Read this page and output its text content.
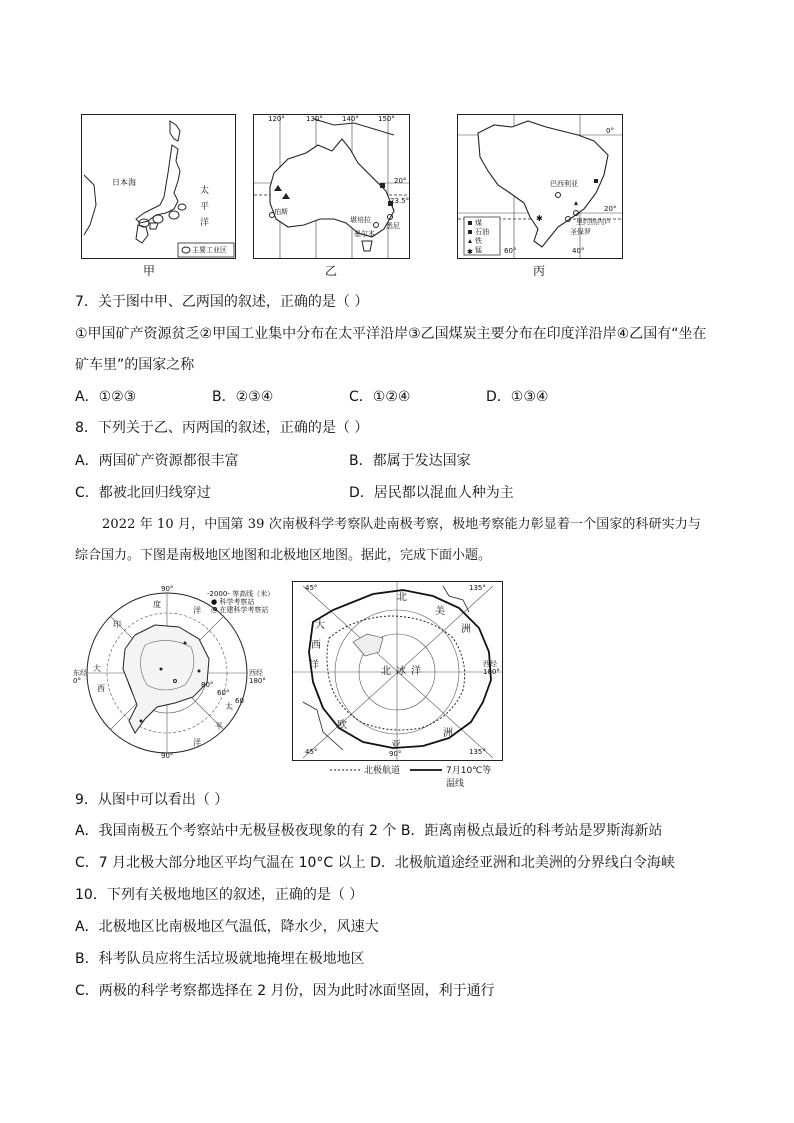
日本海
太
平
洋
主要工业区
甲
120°	130°	140°	150°
20°
23.5°
珀斯
堪培拉
墨尔本
悉尼
乙
✱
✱
0°
20°
60°	40°
巴西利亚
里约热内卢
圣保罗
煤
石油
铁
锰
丙
7．关于图中甲、乙两国的叙述，正确的是（ ）
①甲国矿产资源贫乏②甲国工业集中分布在太平洋沿岸③乙国煤炭主要分布在印度洋沿岸④乙国有“坐在
矿车里”的国家之称
A．①②③	B．②③④	C．①②④	D．①③④
8．下列关于乙、丙两国的叙述，正确的是（ ）
A．两国矿产资源都很丰富	B．都属于发达国家
C．都被北回归线穿过	D．居民都以混血人种为主
2022 年 10 月，中国第 39 次南极科学考察队赴南极考察，极地考察能力彰显着一个国家的科研实力与
综合国力。下图是南极地区地图和北极地区地图。据此，完成下面小题。
-2000- 等高线（米）
● 科学考察站
○ 在建科学考察站
度
洋
印
大
西
太
平
洋
东经 0°
西经 180°
90°
90°
60
80°
60°
45°	135°
45°	135°
90°
西经 180°
北 冰 洋
大
西
洋
北
美
洲
亚
洲
欧
北极航道	7月10℃等温线
9．从图中可以看出（ ）
A．我国南极五个考察站中无极昼极夜现象的有 2 个 B．距离南极点最近的科考站是罗斯海新站
C．7 月北极大部分地区平均气温在 10°C 以上 D．北极航道途经亚洲和北美洲的分界线白令海峡
10．下列有关极地地区的叙述，正确的是（ ）
A．北极地区比南极地区气温低，降水少，风速大
B．科考队员应将生活垃圾就地掩埋在极地地区
C．两极的科学考察都选择在 2 月份，因为此时冰面坚固，利于通行
